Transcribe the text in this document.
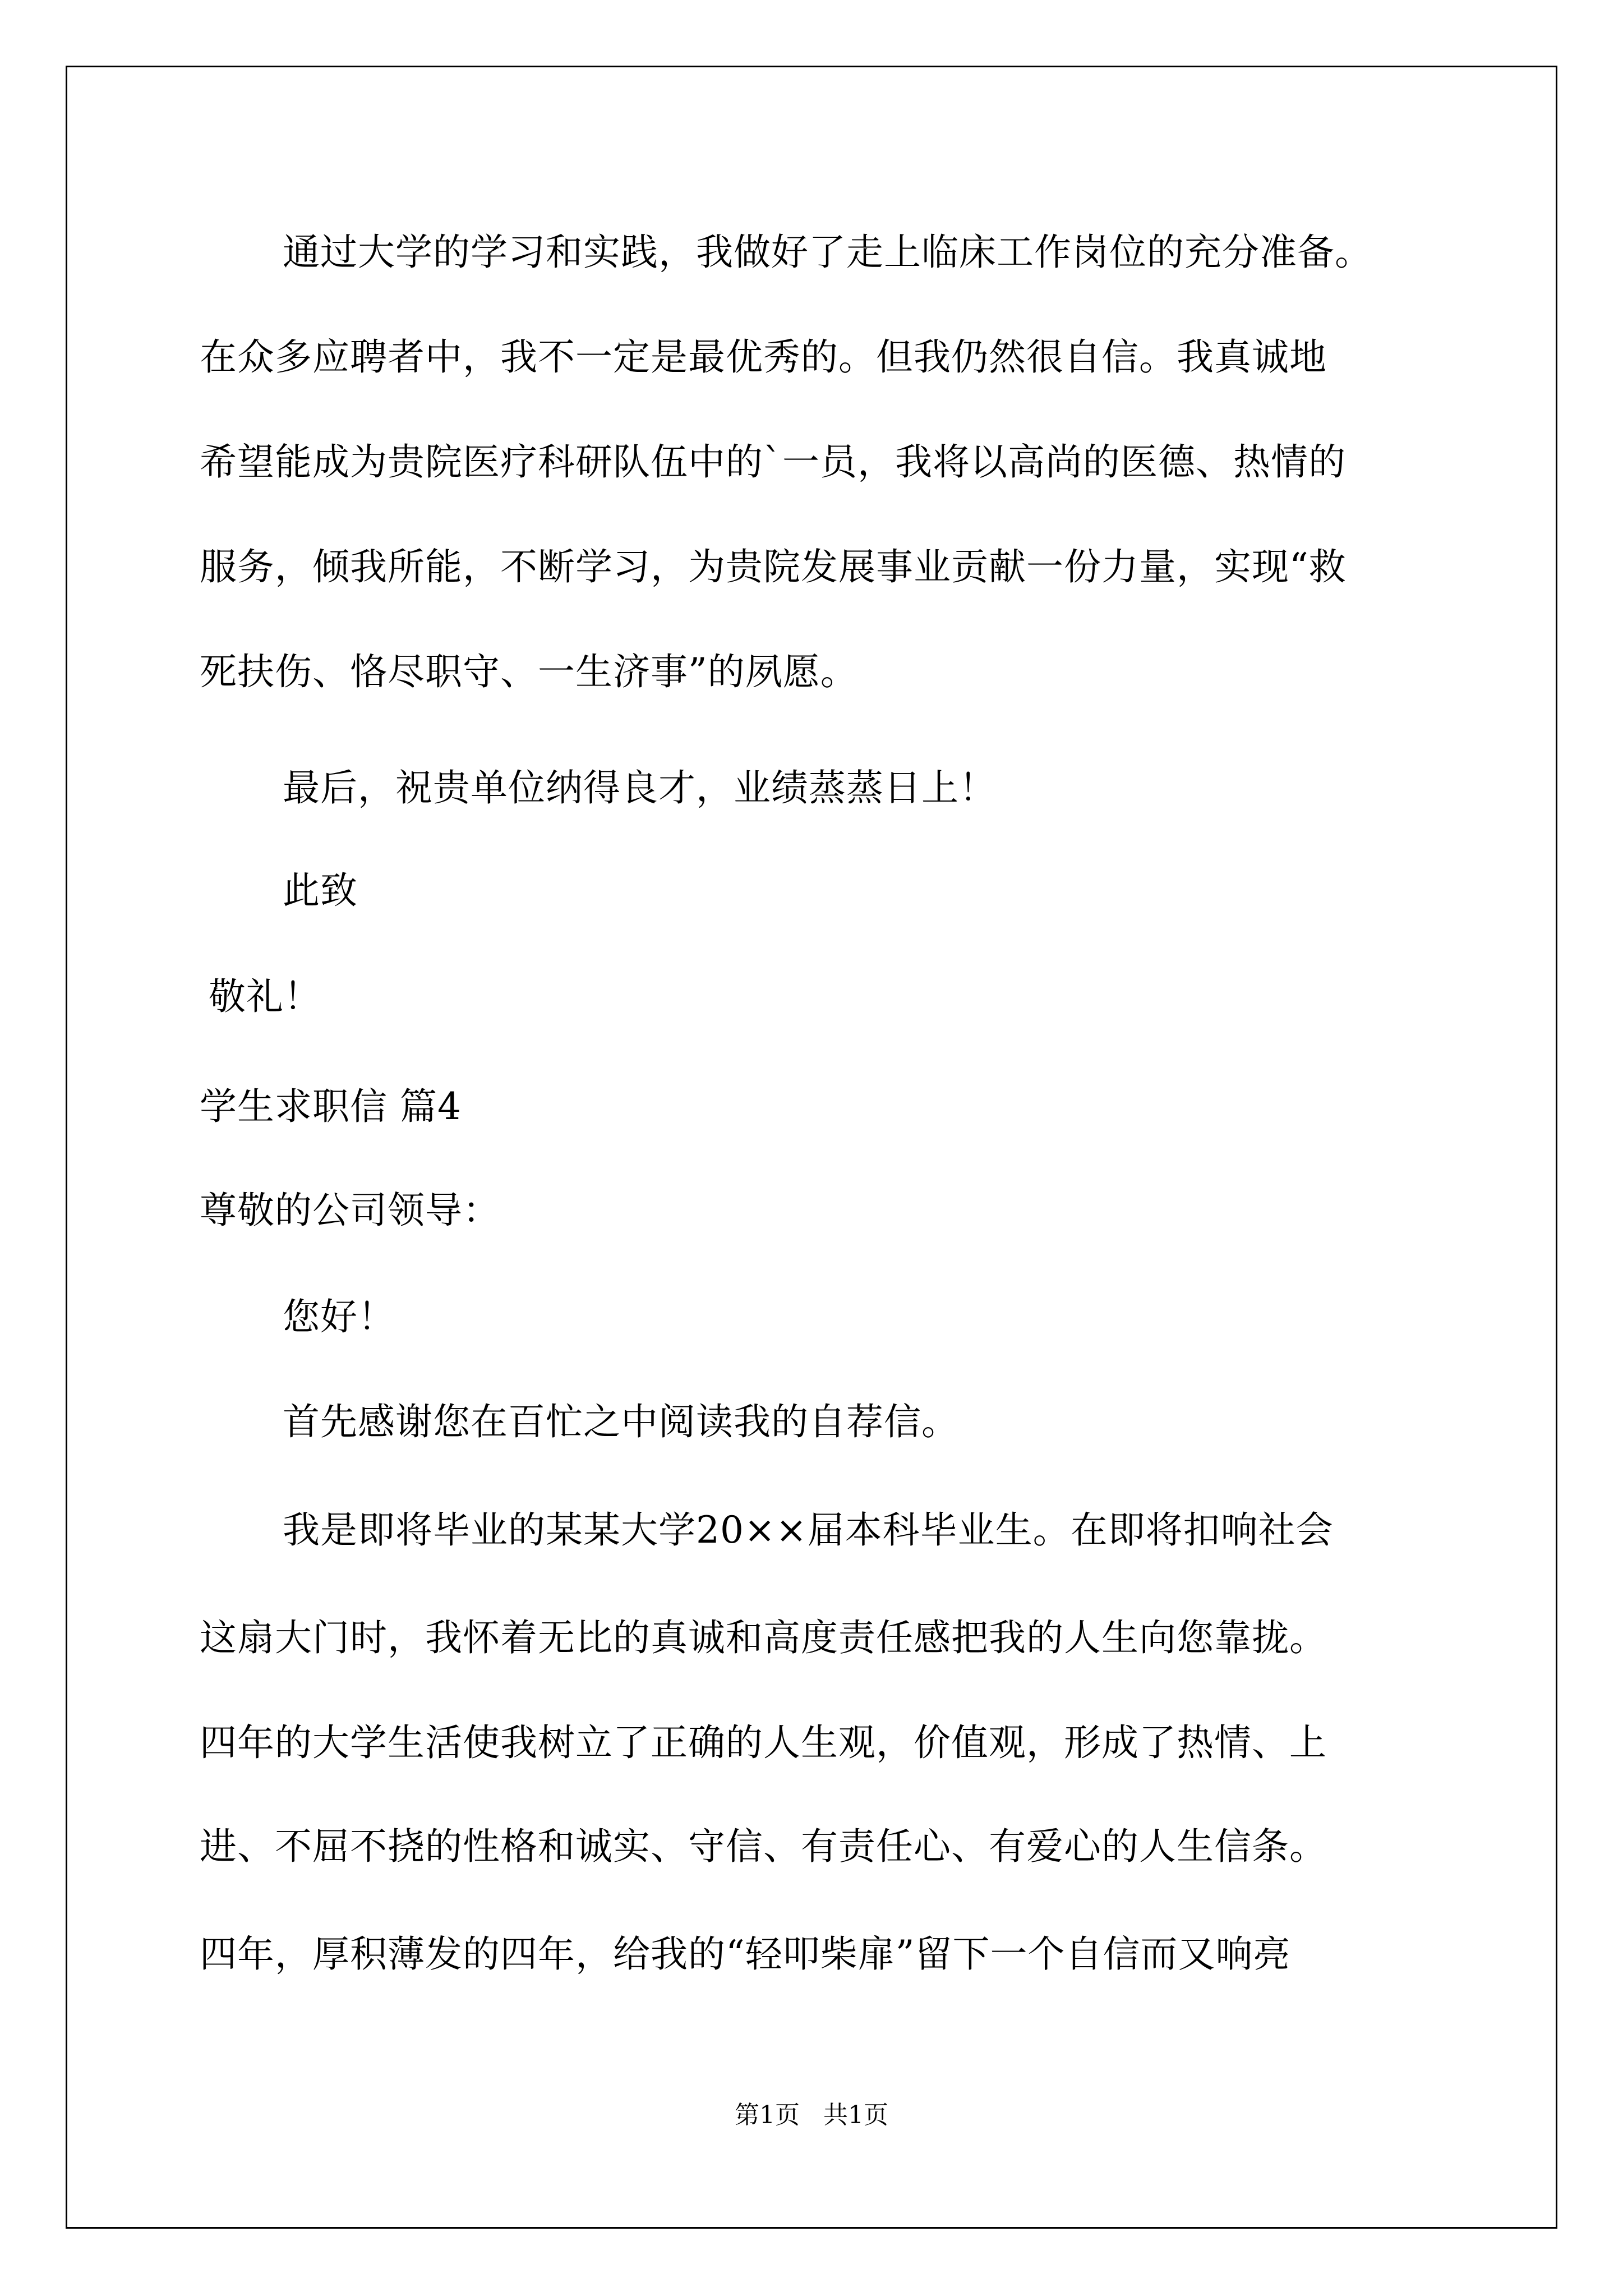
通过大学的学习和实践，我做好了走上临床工作岗位的充分准备。
在众多应聘者中，我不一定是最优秀的。但我仍然很自信。我真诚地
希望能成为贵院医疗科研队伍中的`一员，我将以高尚的医德、热情的
服务，倾我所能，不断学习，为贵院发展事业贡献一份力量，实现“救
死扶伤、恪尽职守、一生济事”的夙愿。
最后，祝贵单位纳得良才，业绩蒸蒸日上！
此致
敬礼！
学生求职信 篇4
尊敬的公司领导：
您好！
首先感谢您在百忙之中阅读我的自荐信。
我是即将毕业的某某大学20××届本科毕业生。在即将扣响社会
这扇大门时，我怀着无比的真诚和高度责任感把我的人生向您靠拢。
四年的大学生活使我树立了正确的人生观，价值观，形成了热情、上
进、不屈不挠的性格和诚实、守信、有责任心、有爱心的人生信条。
四年，厚积薄发的四年，给我的“轻叩柴扉”留下一个自信而又响亮
第1页   共1页
